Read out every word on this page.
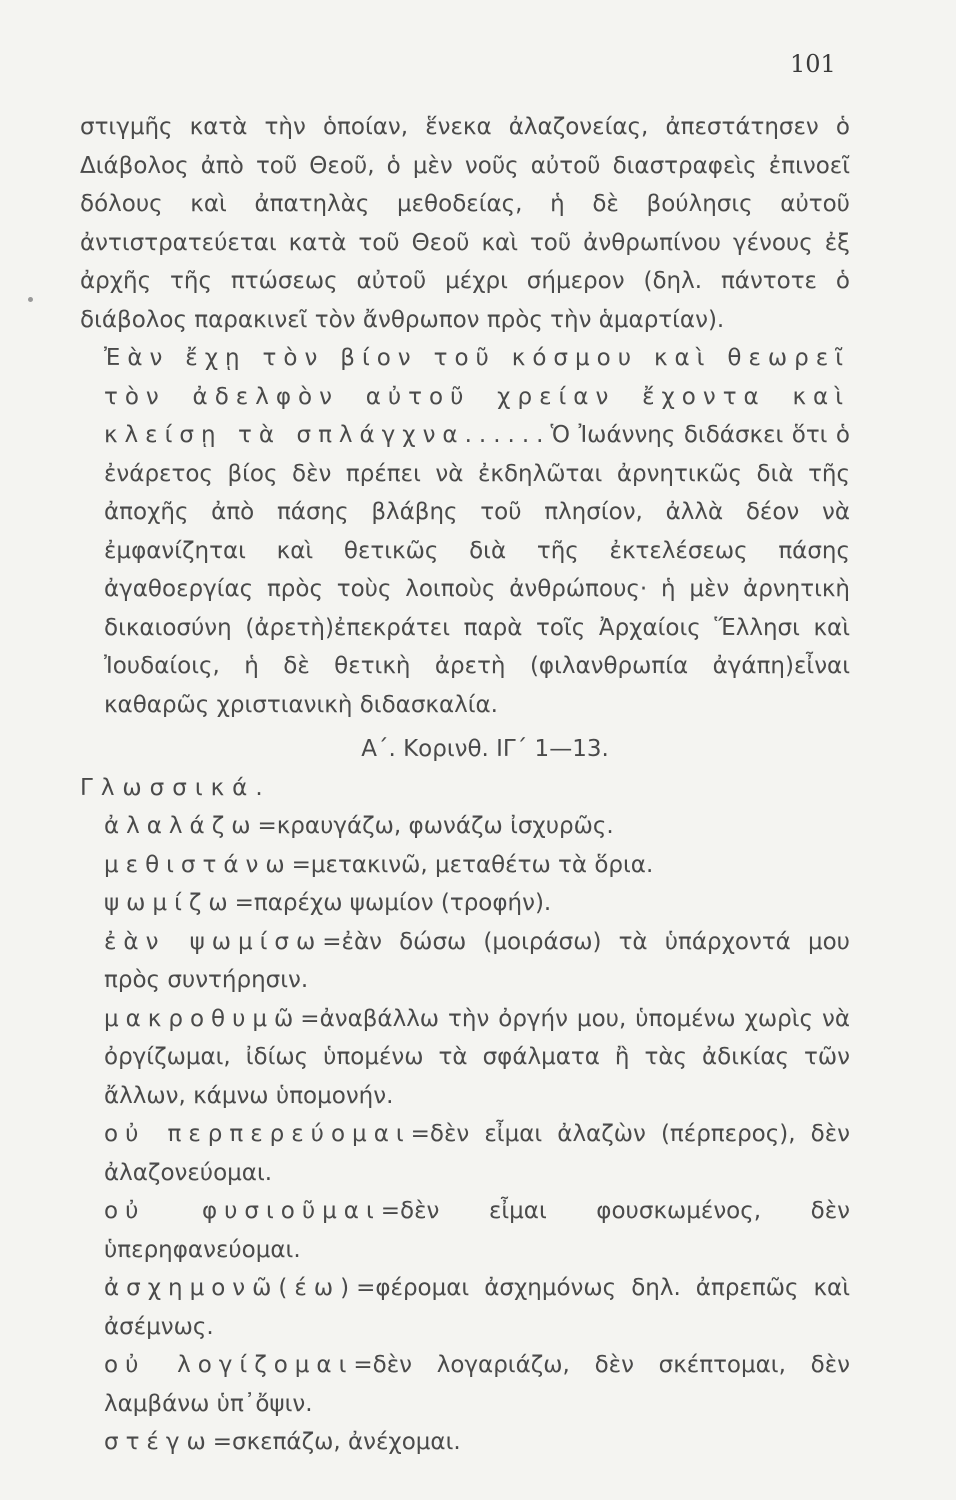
101

στιγμῆς κατὰ τὴν ὁποίαν, ἕνεκα ἀλαζονείας, ἀπεστάτησεν ὁ Διάβολος ἀπὸ τοῦ Θεοῦ, ὁ μὲν νοῦς αὐτοῦ διαστραφεὶς ἐπινοεῖ δόλους καὶ ἀπατηλὰς μεθοδείας, ἡ δὲ βούλησις αὐτοῦ ἀντιστρατεύεται κατὰ τοῦ Θεοῦ καὶ τοῦ ἀνθρωπίνου γένους ἐξ ἀρχῆς τῆς πτώσεως αὐτοῦ μέχρι σήμερον (δηλ. πάντοτε ὁ διάβολος παρακινεῖ τὸν ἄνθρωπον πρὸς τὴν ἁμαρτίαν).

Ἐὰν ἔχῃ τὸν βίον τοῦ κόσμου καὶ θεωρεῖ τὸν ἀδελφὸν αὐτοῦ χρείαν ἔχοντα καὶ κλείσῃ τὰ σπλάγχνα......Ὁ Ἰωάννης διδάσκει ὅτι ὁ ἐνάρετος βίος δὲν πρέπει νὰ ἐκδηλῶται ἀρνητικῶς διὰ τῆς ἀποχῆς ἀπὸ πάσης βλάβης τοῦ πλησίον, ἀλλὰ δέον νὰ ἐμφανίζηται καὶ θετικῶς διὰ τῆς ἐκτελέσεως πάσης ἀγαθοεργίας πρὸς τοὺς λοιποὺς ἀνθρώπους· ἡ μὲν ἀρνητικὴ δικαιοσύνη (ἀρετὴ)ἐπεκράτει παρὰ τοῖς Ἀρχαίοις Ἕλλησι καὶ Ἰουδαίοις, ἡ δὲ θετικὴ ἀρετὴ (φιλανθρωπία ἀγάπη)εἶναι καθαρῶς χριστιανικὴ διδασκαλία.

Α΄. Κορινθ. ΙΓ΄ 1—13.

Γλωσσικά.

ἀλαλάζω=κραυγάζω, φωνάζω ἰσχυρῶς.

μεθιστάνω=μετακινῶ, μεταθέτω τὰ ὅρια.

ψωμίζω=παρέχω ψωμίον (τροφήν).

ἐὰν ψωμίσω=ἐὰν δώσω (μοιράσω) τὰ ὑπάρχοντά μου πρὸς συντήρησιν.

μακροθυμῶ=ἀναβάλλω τὴν ὀργήν μου, ὑπομένω χωρὶς νὰ ὀργίζωμαι, ἰδίως ὑπομένω τὰ σφάλματα ἢ τὰς ἀδικίας τῶν ἄλλων, κάμνω ὑπομονήν.

οὐ περπερεύομαι=δὲν εἶμαι ἀλαζὼν (πέρπερος), δὲν ἀλαζονεύομαι.

οὐ φυσιοῦμαι=δὲν εἶμαι φουσκωμένος, δὲν ὑπερηφανεύομαι.

ἀσχημονῶ(έω)=φέρομαι ἀσχημόνως δηλ. ἀπρεπῶς καὶ ἀσέμνως.

οὐ λογίζομαι=δὲν λογαριάζω, δὲν σκέπτομαι, δὲν λαμβάνω ὑπ᾿ὄψιν.

στέγω=σκεπάζω, ἀνέχομαι.
